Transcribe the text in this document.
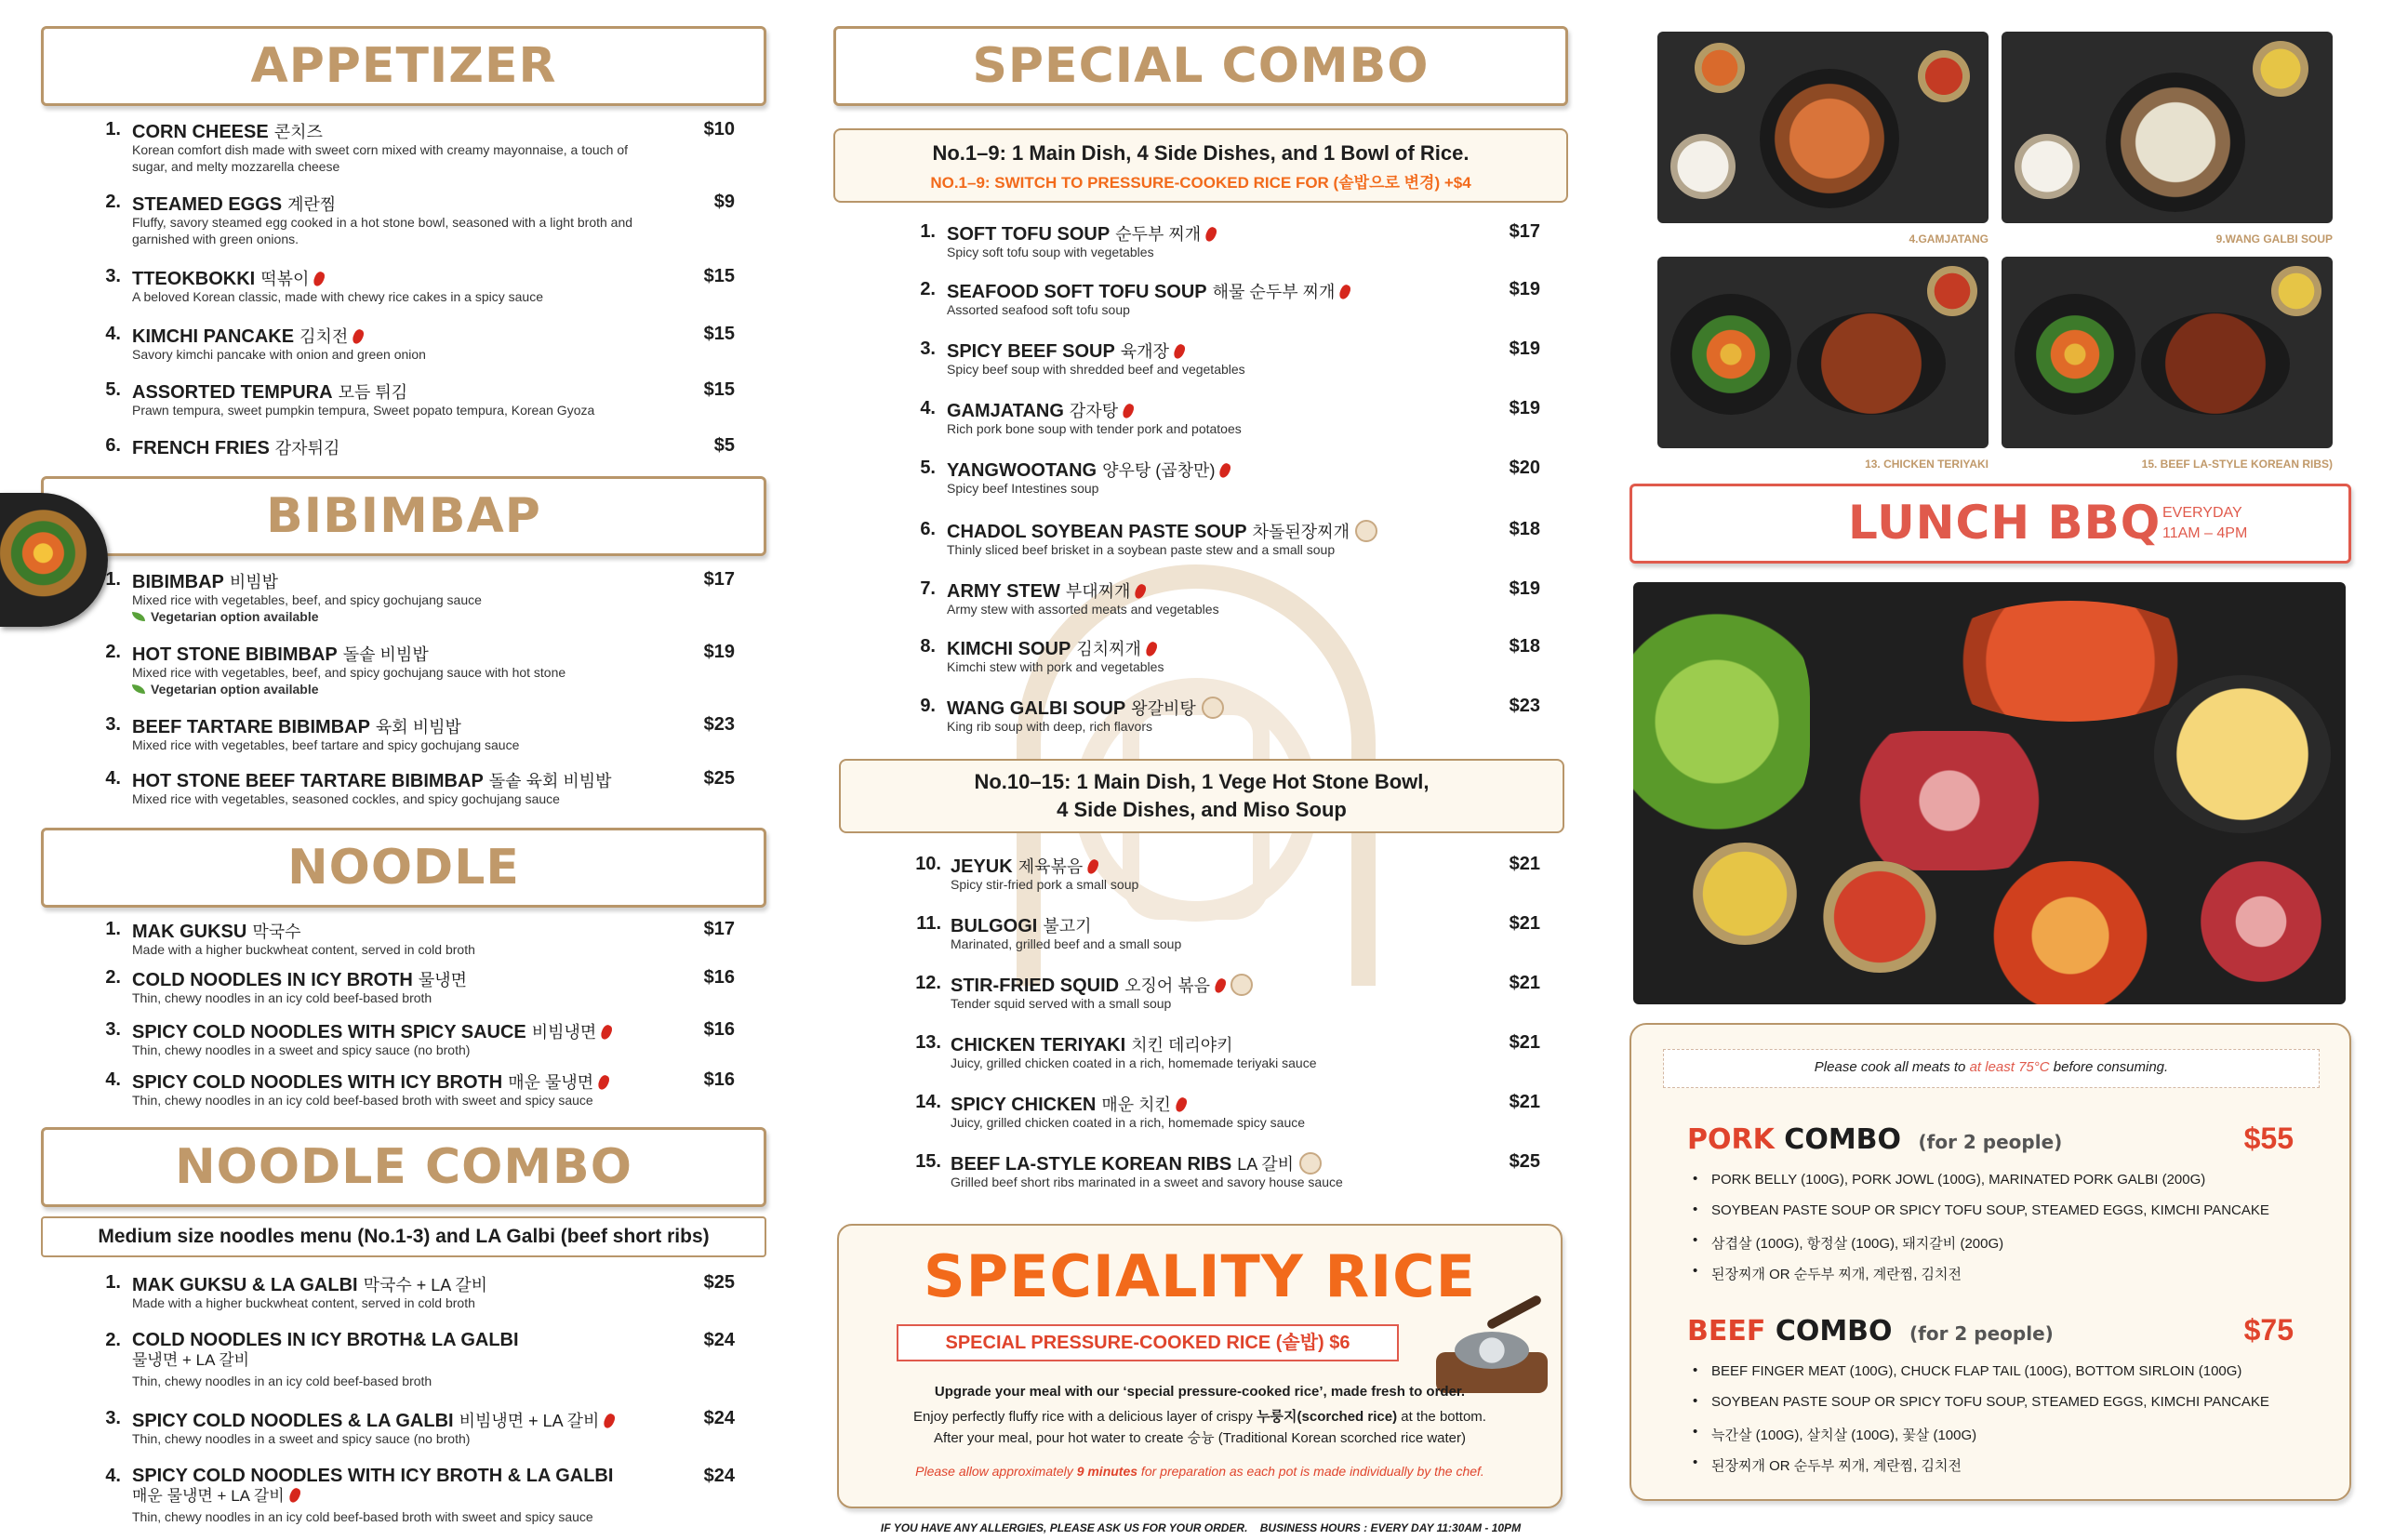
APPETIZER
1. CORN CHEESE 콘치즈
Korean comfort dish made with sweet corn mixed with creamy mayonnaise, a touch of sugar, and melty mozzarella cheese
$10
2. STEAMED EGGS 계란찜
Fluffy, savory steamed egg cooked in a hot stone bowl, seasoned with a light broth and garnished with green onions.
$9
3. TTEOKBOKKI 떡볶이
A beloved Korean classic, made with chewy rice cakes in a spicy sauce
$15
4. KIMCHI PANCAKE 김치전
Savory kimchi pancake with onion and green onion
$15
5. ASSORTED TEMPURA 모듬 튀김
Prawn tempura, sweet pumpkin tempura, Sweet popato tempura, Korean Gyoza
$15
6. FRENCH FRIES 감자튀김	$5
BIBIMBAP
1. BIBIMBAP 비빔밥
Mixed rice with vegetables, beef, and spicy gochujang sauce
Vegetarian option available
$17
2. HOT STONE BIBIMBAP 돌솥 비빔밥
Mixed rice with vegetables, beef, and spicy gochujang sauce with hot stone
Vegetarian option available
$19
3. BEEF TARTARE BIBIMBAP 육회 비빔밥
Mixed rice with vegetables, beef tartare and spicy gochujang sauce
$23
4. HOT STONE BEEF TARTARE BIBIMBAP 돌솥 육회 비빔밥
Mixed rice with vegetables, seasoned cockles, and spicy gochujang sauce
$25
NOODLE
1. MAK GUKSU 막국수
Made with a higher buckwheat content, served in cold broth
$17
2. COLD NOODLES IN ICY BROTH 물냉면
Thin, chewy noodles in an icy cold beef-based broth
$16
3. SPICY COLD NOODLES WITH SPICY SAUCE 비빔냉면
Thin, chewy noodles in a sweet and spicy sauce (no broth)
$16
4. SPICY COLD NOODLES WITH ICY BROTH 매운 물냉면
Thin, chewy noodles in an icy cold beef-based broth with sweet and spicy sauce
$16
NOODLE COMBO
Medium size noodles menu (No.1-3) and LA Galbi (beef short ribs)
1. MAK GUKSU & LA GALBI 막국수 + LA 갈비
Made with a higher buckwheat content, served in cold broth
$25
2. COLD NOODLES IN ICY BROTH& LA GALBI
물냉면 + LA 갈비
Thin, chewy noodles in an icy cold beef-based broth
$24
3. SPICY COLD NOODLES & LA GALBI 비빔냉면 + LA 갈비
Thin, chewy noodles in a sweet and spicy sauce (no broth)
$24
4. SPICY COLD NOODLES WITH ICY BROTH & LA GALBI
매운 물냉면 + LA 갈비
Thin, chewy noodles in an icy cold beef-based broth with sweet and spicy sauce
$24
SPECIAL COMBO
No.1–9: 1 Main Dish, 4 Side Dishes, and 1 Bowl of Rice.
NO.1–9: SWITCH TO PRESSURE-COOKED RICE FOR (솥밥으로 변경) +$4
1. SOFT TOFU SOUP 순두부 찌개
Spicy soft tofu soup with vegetables
$17
2. SEAFOOD SOFT TOFU SOUP 해물 순두부 찌개
Assorted seafood soft tofu soup
$19
3. SPICY BEEF SOUP 육개장
Spicy beef soup with shredded beef and vegetables
$19
4. GAMJATANG 감자탕
Rich pork bone soup with tender pork and potatoes
$19
5. YANGWOOTANG 양우탕 (곱창만)
Spicy beef Intestines soup
$20
6. CHADOL SOYBEAN PASTE SOUP 차돌된장찌개
Thinly sliced beef brisket in a soybean paste stew and a small soup
$18
7. ARMY STEW 부대찌개
Army stew with assorted meats and vegetables
$19
8. KIMCHI SOUP 김치찌개
Kimchi stew with pork and vegetables
$18
9. WANG GALBI SOUP 왕갈비탕
King rib soup with deep, rich flavors
$23
No.10–15: 1 Main Dish, 1 Vege Hot Stone Bowl,
4 Side Dishes, and Miso Soup
10. JEYUK 제육볶음
Spicy stir-fried pork a small soup
$21
11. BULGOGI 불고기
Marinated, grilled beef and a small soup
$21
12. STIR-FRIED SQUID 오징어 볶음
Tender squid served with a small soup
$21
13. CHICKEN TERIYAKI 치킨 데리야키
Juicy, grilled chicken coated in a rich, homemade teriyaki sauce
$21
14. SPICY CHICKEN 매운 치킨
Juicy, grilled chicken coated in a rich, homemade spicy sauce
$21
15. BEEF LA-STYLE KOREAN RIBS LA 갈비
Grilled beef short ribs marinated in a sweet and savory house sauce
$25
SPECIALITY RICE
SPECIAL PRESSURE-COOKED RICE (솥밥) $6
Upgrade your meal with our ‘special pressure-cooked rice’, made fresh to order.
Enjoy perfectly fluffy rice with a delicious layer of crispy 누룽지(scorched rice) at the bottom.
After your meal, pour hot water to create 숭늉 (Traditional Korean scorched rice water)
Please allow approximately 9 minutes for preparation as each pot is made individually by the chef.
IF YOU HAVE ANY ALLERGIES, PLEASE ASK US FOR YOUR ORDER.    BUSINESS HOURS : EVERY DAY 11:30AM - 10PM
4.GAMJATANG	9.WANG GALBI SOUP
13. CHICKEN TERIYAKI	15. BEEF LA-STYLE KOREAN RIBS)
LUNCH BBQ EVERYDAY
11AM – 4PM
Please cook all meats to at least 75°C before consuming.
PORK COMBO (for 2 people)	$55
• PORK BELLY (100G), PORK JOWL (100G), MARINATED PORK GALBI (200G)
• SOYBEAN PASTE SOUP OR SPICY TOFU SOUP, STEAMED EGGS, KIMCHI PANCAKE
• 삼겹살 (100G), 항정살 (100G), 돼지갈비 (200G)
• 된장찌개 OR 순두부 찌개, 계란찜, 김치전
BEEF COMBO (for 2 people)	$75
• BEEF FINGER MEAT (100G), CHUCK FLAP TAIL (100G), BOTTOM SIRLOIN (100G)
• SOYBEAN PASTE SOUP OR SPICY TOFU SOUP, STEAMED EGGS, KIMCHI PANCAKE
• 늑간살 (100G), 살치살 (100G), 꽃살 (100G)
• 된장찌개 OR 순두부 찌개, 계란찜, 김치전
